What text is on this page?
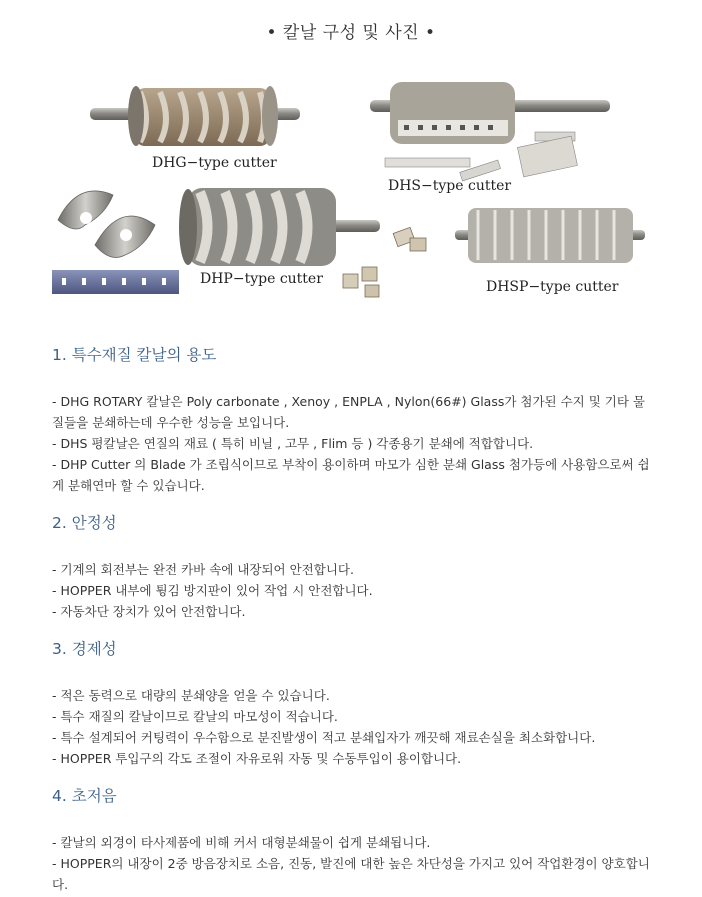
• 칼날 구성 및 사진 •
DHG−type cutter
DHS−type cutter
DHP−type cutter	DHSP−type cutter
1. 특수재질 칼날의 용도

- DHG ROTARY 칼날은 Poly carbonate , Xenoy , ENPLA , Nylon(66#) Glass가 첨가된 수지 및 기타 물질들을 분쇄하는데 우수한 성능을 보입니다.

- DHS 평칼날은 연질의 재료 ( 특히 비닐 , 고무 , Flim 등 ) 각종용기 분쇄에 적합합니다.

- DHP Cutter 의 Blade 가 조립식이므로 부착이 용이하며 마모가 심한 분쇄 Glass 첨가등에 사용함으로써 쉽게 분해연마 할 수 있습니다.

2. 안정성

- 기계의 회전부는 완전 카바 속에 내장되어 안전합니다.

- HOPPER 내부에 튕김 방지판이 있어 작업 시 안전합니다.

- 자동차단 장치가 있어 안전합니다.

3. 경제성

- 적은 동력으로 대량의 분쇄양을 얻을 수 있습니다.

- 특수 재질의 칼날이므로 칼날의 마모성이 적습니다.

- 특수 설계되어 커팅력이 우수함으로 분진발생이 적고 분쇄입자가 깨끗해 재료손실을 최소화합니다.

- HOPPER 투입구의 각도 조절이 자유로워 자동 및 수동투입이 용이합니다.

4. 초저음

- 칼날의 외경이 타사제품에 비해 커서 대형분쇄물이 쉽게 분쇄됩니다.

- HOPPER의 내장이 2중 방음장치로 소음, 진동, 발진에 대한 높은 차단성을 가지고 있어 작업환경이 양호합니다.
